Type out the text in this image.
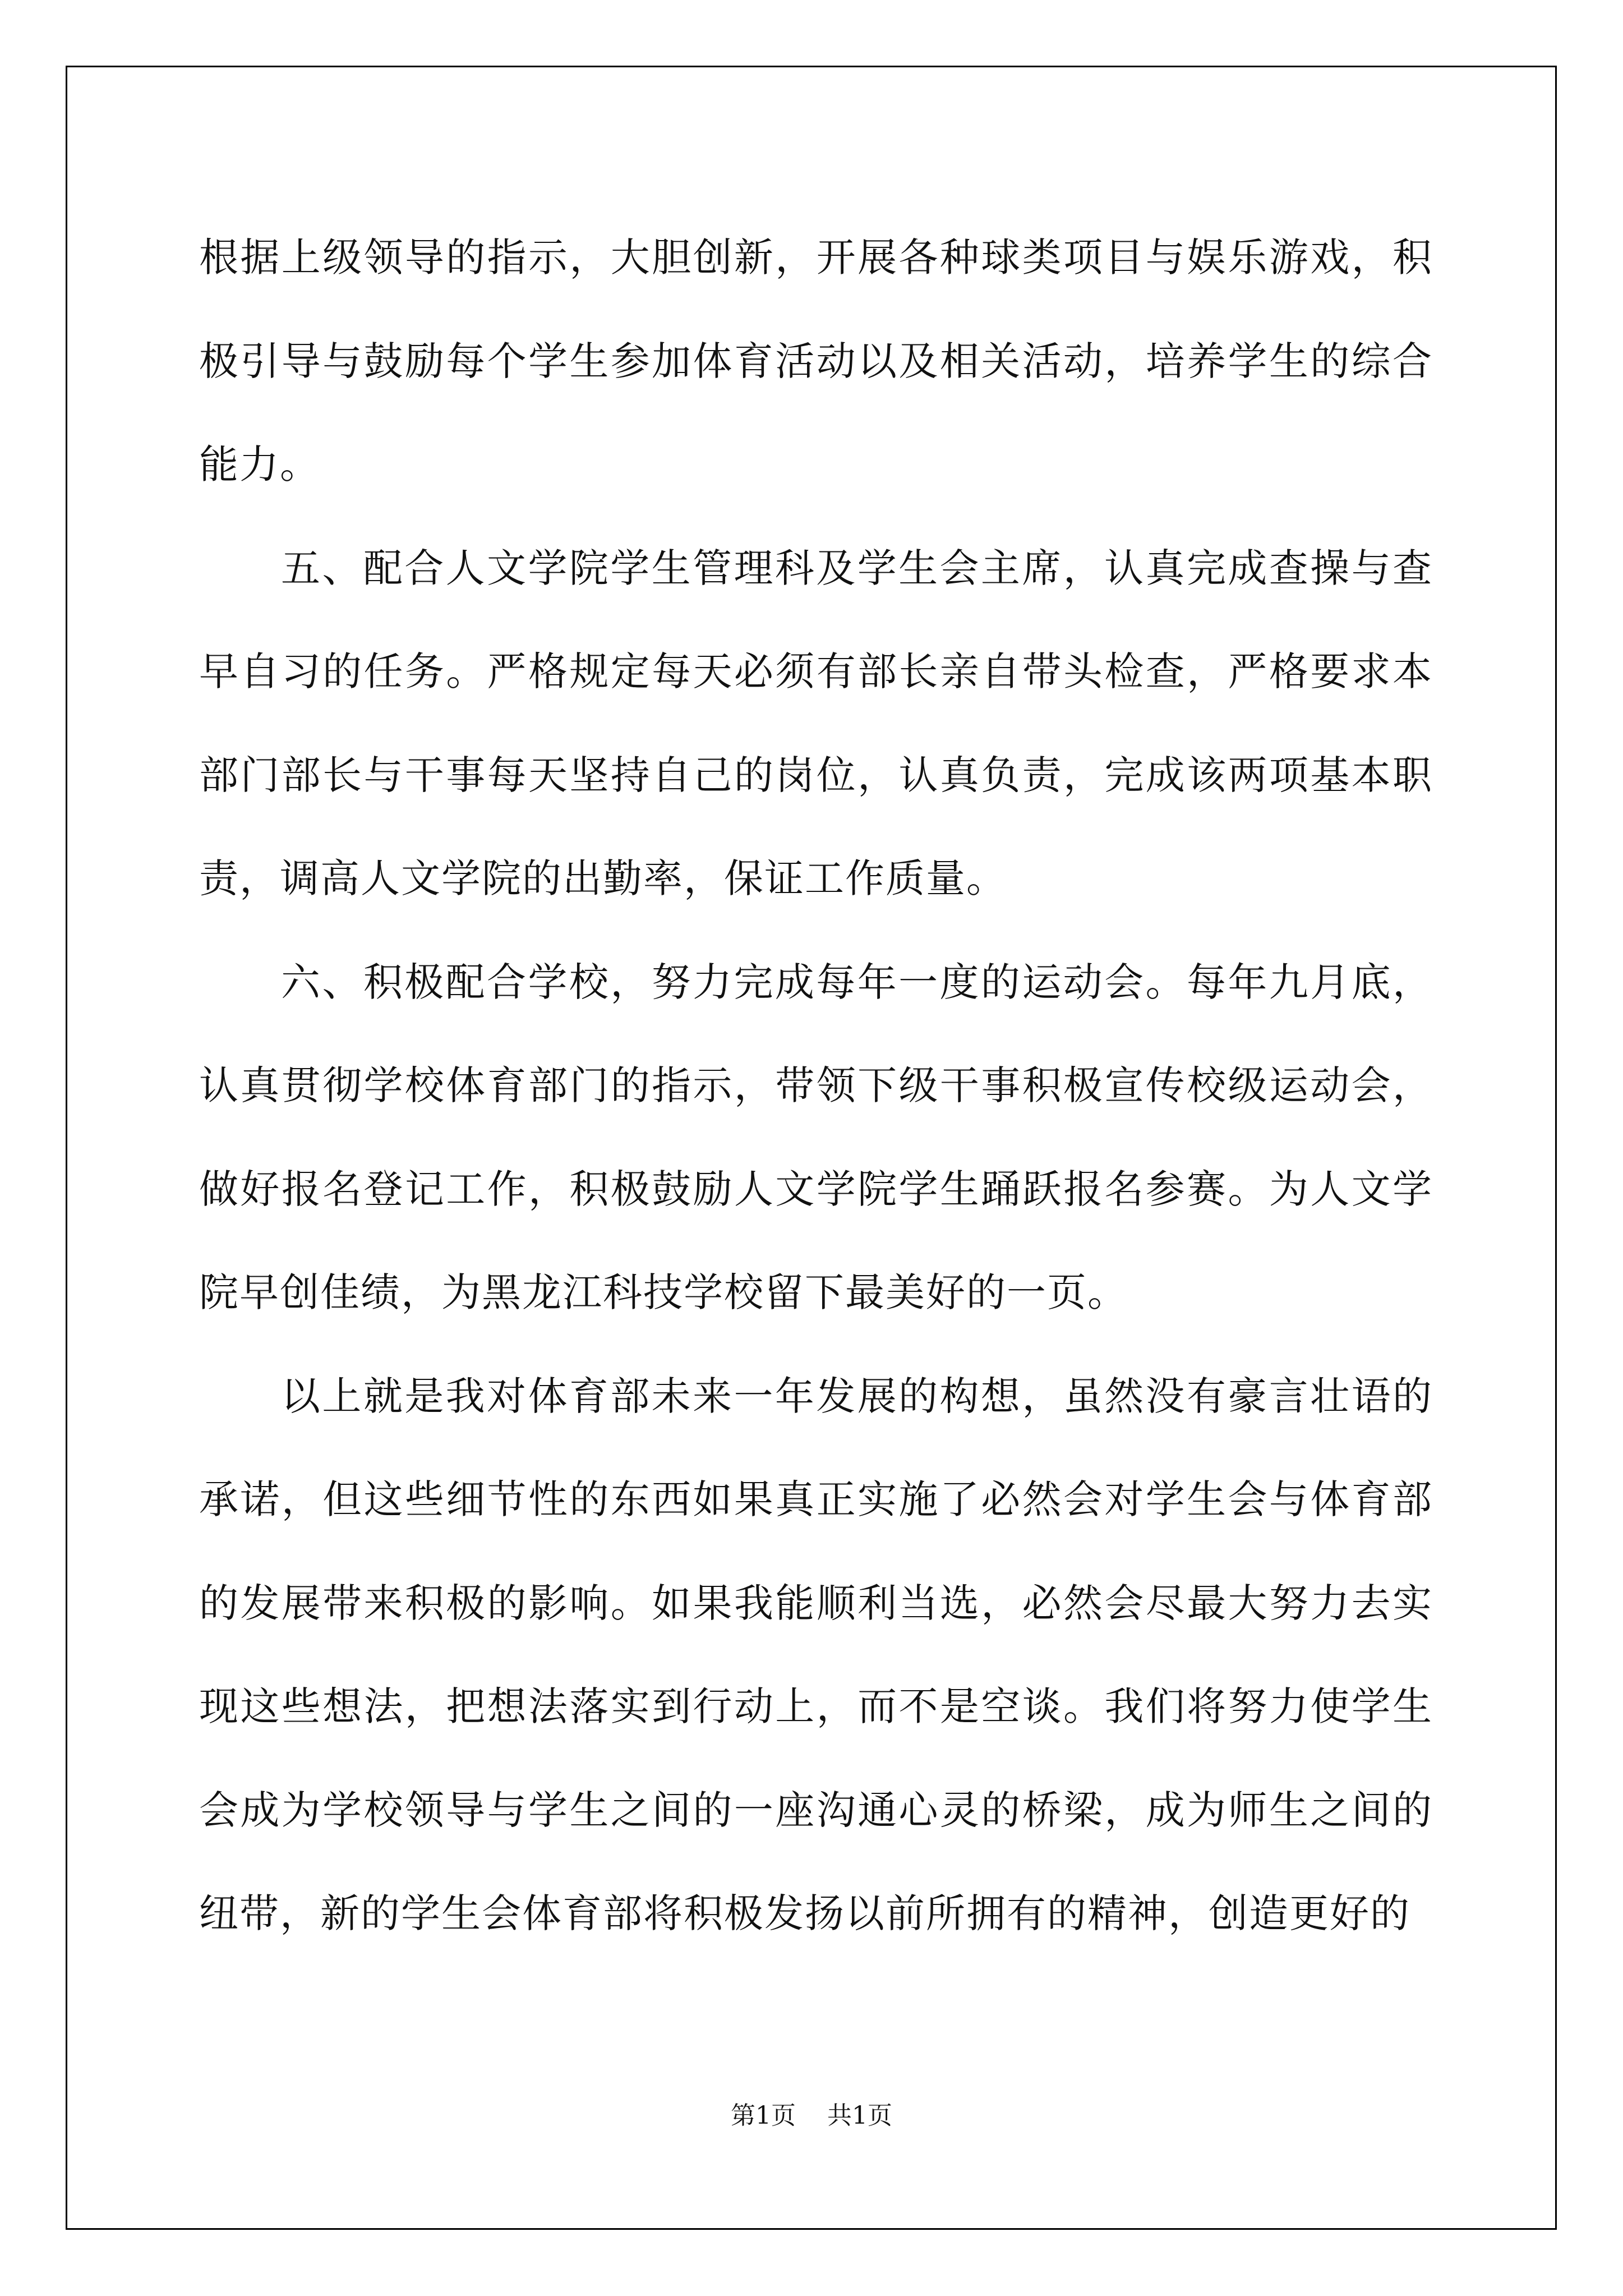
根据上级领导的指示，大胆创新，开展各种球类项目与娱乐游戏，积极引导与鼓励每个学生参加体育活动以及相关活动，培养学生的综合能力。

五、配合人文学院学生管理科及学生会主席，认真完成查操与查早自习的任务。严格规定每天必须有部长亲自带头检查，严格要求本部门部长与干事每天坚持自己的岗位，认真负责，完成该两项基本职责，调高人文学院的出勤率，保证工作质量。

六、积极配合学校，努力完成每年一度的运动会。每年九月底，认真贯彻学校体育部门的指示，带领下级干事积极宣传校级运动会，做好报名登记工作，积极鼓励人文学院学生踊跃报名参赛。为人文学院早创佳绩，为黑龙江科技学校留下最美好的一页。

以上就是我对体育部未来一年发展的构想，虽然没有豪言壮语的承诺，但这些细节性的东西如果真正实施了必然会对学生会与体育部的发展带来积极的影响。如果我能顺利当选，必然会尽最大努力去实现这些想法，把想法落实到行动上，而不是空谈。我们将努力使学生会成为学校领导与学生之间的一座沟通心灵的桥梁，成为师生之间的纽带，新的学生会体育部将积极发扬以前所拥有的精神，创造更好的

第1页 共1页
